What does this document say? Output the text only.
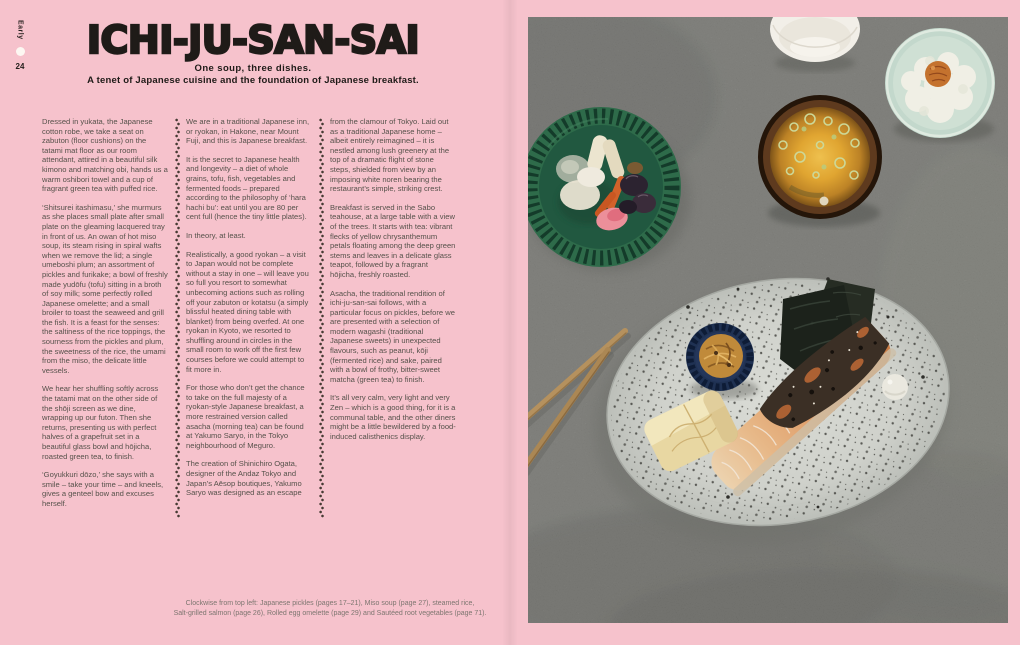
Early
24
ICHI-JU-SAN-SAI
One soup, three dishes.
A tenet of Japanese cuisine and the foundation of Japanese breakfast.

Dressed in yukata, the Japanese cotton robe, we take a seat on zabuton (floor cushions) on the tatami mat floor as our room attendant, attired in a beautiful silk kimono and matching obi, hands us a warm oshibori towel and a cup of fragrant green tea with puffed rice.

‘Shitsurei itashimasu,’ she murmurs as she places small plate after small plate on the gleaming lacquered tray in front of us. An owan of hot miso soup, its steam rising in spiral wafts when we remove the lid; a single umeboshi plum; an assortment of pickles and furikake; a bowl of freshly made yudōfu (tofu) sitting in a broth of soy milk; some perfectly rolled Japanese omelette; and a small broiler to toast the seaweed and grill the fish. It is a feast for the senses: the saltiness of the rice toppings, the sourness from the pickles and plum, the sweetness of the rice, the umami from the miso, the delicate little vessels.

We hear her shuffling softly across the tatami mat on the other side of the shōji screen as we dine, wrapping up our futon. Then she returns, presenting us with perfect halves of a grapefruit set in a beautiful glass bowl and hōjicha, roasted green tea, to finish.

‘Goyukkuri dōzo,’ she says with a smile – take your time – and kneels, gives a genteel bow and excuses herself.

We are in a traditional Japanese inn, or ryokan, in Hakone, near Mount Fuji, and this is Japanese breakfast.

It is the secret to Japanese health and longevity – a diet of whole grains, tofu, fish, vegetables and fermented foods – prepared according to the philosophy of ‘hara hachi bu’: eat until you are 80 per cent full (hence the tiny little plates).

In theory, at least.

Realistically, a good ryokan – a visit to Japan would not be complete without a stay in one – will leave you so full you resort to somewhat unbecoming actions such as rolling off your zabuton or kotatsu (a simply blissful heated dining table with blanket) from being overfed. At one ryokan in Kyoto, we resorted to shuffling around in circles in the small room to work off the first few courses before we could attempt to fit more in.

For those who don’t get the chance to take on the full majesty of a ryokan-style Japanese breakfast, a more restrained version called asacha (morning tea) can be found at Yakumo Saryo, in the Tokyo neighbourhood of Meguro.

The creation of Shinichiro Ogata, designer of the Andaz Tokyo and Japan’s Aēsop boutiques, Yakumo Saryo was designed as an escape

from the clamour of Tokyo. Laid out as a traditional Japanese home – albeit entirely reimagined – it is nestled among lush greenery at the top of a dramatic flight of stone steps, shielded from view by an imposing white noren bearing the restaurant’s simple, striking crest.

Breakfast is served in the Sabo teahouse, at a large table with a view of the trees. It starts with tea: vibrant flecks of yellow chrysanthemum petals floating among the deep green stems and leaves in a delicate glass teapot, followed by a fragrant hōjicha, freshly roasted.

Asacha, the traditional rendition of ichi-ju-san-sai follows, with a particular focus on pickles, before we are presented with a selection of modern wagashi (traditional Japanese sweets) in unexpected flavours, such as peanut, kōji (fermented rice) and sake, paired with a bowl of frothy, bitter-sweet matcha (green tea) to finish.

It’s all very calm, very light and very Zen – which is a good thing, for it is a communal table, and the other diners might be a little bewildered by a food-induced calisthenics display.

Clockwise from top left: Japanese pickles (pages 17–21), Miso soup (page 27), steamed rice,
Salt-grilled salmon (page 26), Rolled egg omelette (page 29) and Sautéed root vegetables (page 71).
